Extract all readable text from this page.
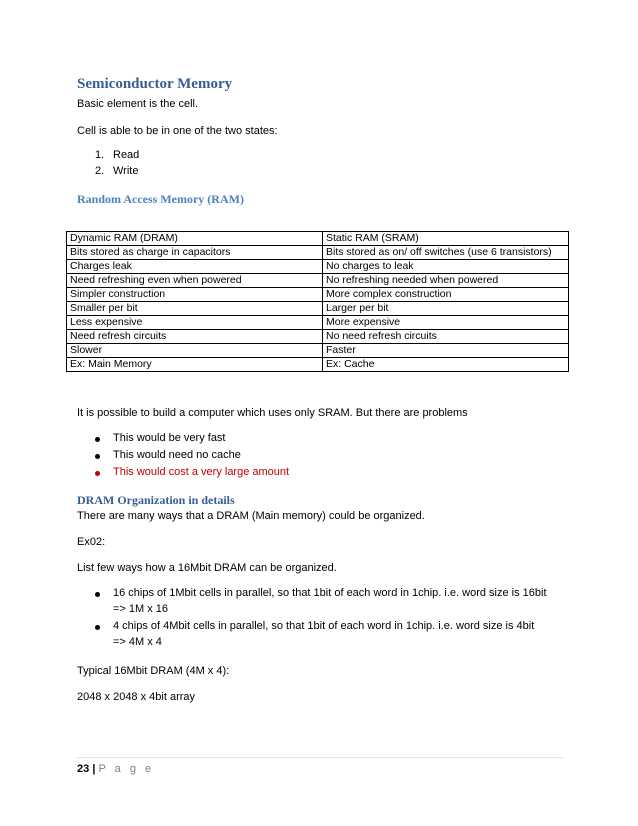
Semiconductor Memory
Basic element is the cell.
Cell is able to be in one of the two states:
1. Read
2. Write
Random Access Memory (RAM)
Dynamic RAM (DRAM)	Static RAM (SRAM)
Bits stored as charge in capacitors	Bits stored as on/ off switches (use 6 transistors)
Charges leak	No charges to leak
Need refreshing even when powered	No refreshing needed when powered
Simpler construction	More complex construction
Smaller per bit	Larger per bit
Less expensive	More expensive
Need refresh circuits	No need refresh circuits
Slower	Faster
Ex: Main Memory	Ex: Cache
It is possible to build a computer which uses only SRAM. But there are problems
This would be very fast
This would need no cache
This would cost a very large amount
DRAM Organization in details
There are many ways that a DRAM (Main memory) could be organized.
Ex02:
List few ways how a 16Mbit DRAM can be organized.
16 chips of 1Mbit cells in parallel, so that 1bit of each word in 1chip. i.e. word size is 16bit
=> 1M x 16
4 chips of 4Mbit cells in parallel, so that 1bit of each word in 1chip. i.e. word size is 4bit
=> 4M x 4
Typical 16Mbit DRAM (4M x 4):
2048 x 2048 x 4bit array
23 | P a g e
